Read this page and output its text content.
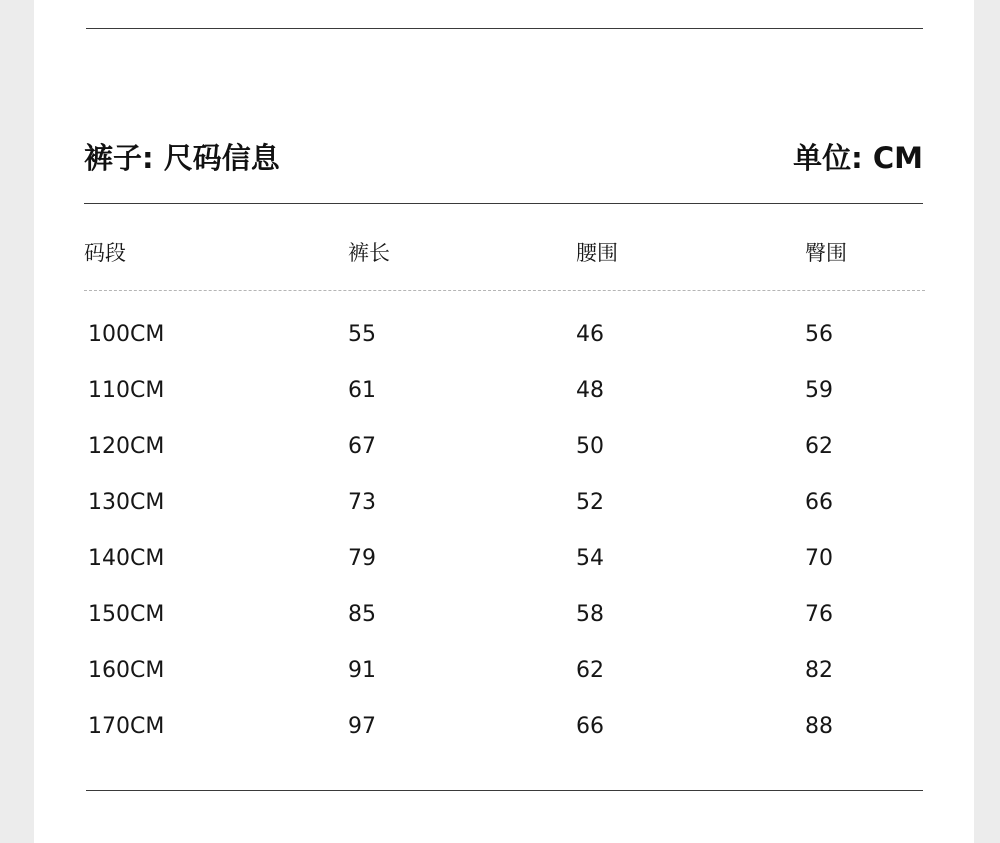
裤子: 尺码信息	单位: CM
码段	裤长	腰围	臀围
100CM	55	46	56
110CM	61	48	59
120CM	67	50	62
130CM	73	52	66
140CM	79	54	70
150CM	85	58	76
160CM	91	62	82
170CM	97	66	88
